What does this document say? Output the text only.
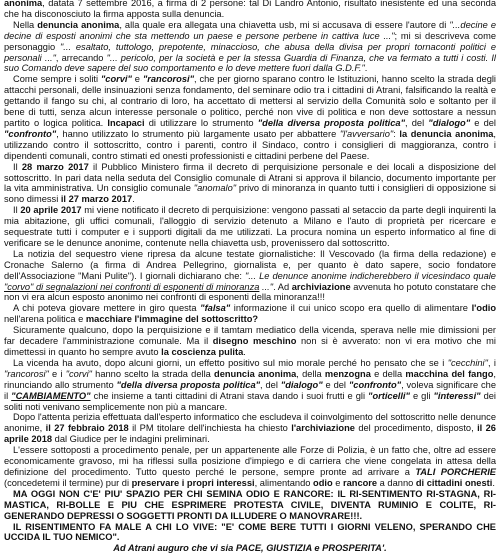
anonima, datata 7 settembre 2016, a firma di 2 persone: tal Di Landro Antonio, risultato inesistente ed una seconda che ha disconosciuto la firma apposta sulla denuncia.

Nella denuncia anonima, alla quale era allegata una chiavetta usb, mi si accusava di essere l'autore di "...decine e decine di esposti anonimi che sta mettendo un paese e persone perbene in cattiva luce ..."; mi si descriveva come personaggio "... esaltato, tuttologo, prepotente, minaccioso, che abusa della divisa per propri tornaconti politici e personali ...", arrecando "... pericolo, per la società e per la stessa Guardia di Finanza, che va fermato a tutti i costi. Il suo Comando deve sapere del suo comportamento e lo deve mettere fuori dalla G.D.F.".

Come sempre i soliti "corvi" e "rancorosi", che per giorno sparano contro le Istituzioni, hanno scelto la strada degli attacchi personali, delle insinuazioni senza fondamento, del seminare odio tra i cittadini di Atrani, falsificando la realtà e gettando il fango su chi, al contrario di loro, ha accettato di mettersi al servizio della Comunità solo e soltanto per il bene di tutti, senza alcun interesse personale o politico, perché non vive di politica e non deve sottostare a nessun partito o logica politica. Incapaci di utilizzare lo strumento "della diversa proposta politica", del "dialogo" e del "confronto", hanno utilizzato lo strumento più largamente usato per abbattere "l'avversario": la denuncia anonima, utilizzando contro il sottoscritto, contro i parenti, contro il Sindaco, contro i consiglieri di maggioranza, contro i dipendenti comunali, contro stimati ed onesti professionisti e cittadini perbene del Paese.

Il 28 marzo 2017 il Pubblico Ministero firma il decreto di perquisizione personale e dei locali a disposizione del sottoscritto. In pari data nella seduta del Consiglio comunale di Atrani si approva il bilancio, documento importante per la vita amministrativa. Un consiglio comunale "anomalo" privo di minoranza in quanto tutti i consiglieri di opposizione si sono dimessi il 27 marzo 2017.

Il 20 aprile 2017 mi viene notificato il decreto di perquisizione: vengono passati al setaccio da parte degli inquirenti la mia abitazione, gli uffici comunali, l'alloggio di servizio detenuto a Milano e l'auto di proprietà per ricercare e sequestrate tutti i computer e i supporti digitali da me utilizzati. La procura nomina un esperto informatico al fine di verificare se le denunce anonime, contenute nella chiavetta usb, provenissero dal sottoscritto.

La notizia del sequestro viene ripresa da alcune testate giornalistiche: Il Vescovado (la firma della redazione) e Cronache Salerno (a firma di Andrea Pellegrino, giornalista e, per quanto è dato sapere, socio fondatore dell'Associazione "Mani Pulite"). I giornali dichiarano che: "... Le denunce anonime indicherebbero il vicesindaco quale "corvo" di segnalazioni nei confronti di esponenti di minoranza ...". Ad archiviazione avvenuta ho potuto constatare che non vi era alcun esposto anonimo nei confronti di esponenti della minoranza!!!

A chi poteva giovare mettere in giro questa "falsa" informazione il cui unico scopo era quello di alimentare l'odio nell'arena politica e macchiare l'immagine del sottoscritto?

Sicuramente qualcuno, dopo la perquisizione e il tamtam mediatico della vicenda, sperava nelle mie dimissioni per far decadere l'amministrazione comunale. Ma il disegno meschino non si è avverato: non vi era motivo che mi dimettessi in quanto ho sempre avuto la coscienza pulita.

La vicenda ha avuto, dopo alcuni giorni, un effetto positivo sul mio morale perché ho pensato che se i "cecchini", i "rancorosi" e i "corvi" hanno scelto la strada della denuncia anonima, della menzogna e della macchina del fango, rinunciando allo strumento "della diversa proposta politica", del "dialogo" e del "confronto", voleva significare che il "CAMBIAMENTO" che insieme a tanti cittadini di Atrani stava dando i suoi frutti e gli "orticelli" e gli "interessi" dei soliti noti venivano semplicemente non più a mancare.

Dopo l'attenta perizia effettuata dall'esperto informatico che escludeva il coinvolgimento del sottoscritto nelle denunce anonime, il 27 febbraio 2018 il PM titolare dell'inchiesta ha chiesto l'archiviazione del procedimento, disposto, il 26 aprile 2018 dal Giudice per le indagini preliminari.

L'essere sottoposti a procedimento penale, per un appartenente alle Forze di Polizia, è un fatto che, oltre ad essere economicamente gravoso, mi ha riflessi sulla posizione d'impiego e di carriera che viene congelata in attesa della definizione del procedimento. Tutto questo perché le persone, sempre pronte ad arrivare a TALI PORCHERIE (concedetemi il termine) pur di preservare i propri interessi, alimentando odio e rancore a danno di cittadini onesti.

MA OGGI NON C'E' PIU' SPAZIO PER CHI SEMINA ODIO E RANCORE: IL RI-SENTIMENTO RI-STAGNA, RI-MASTICA, RI-BOLLE E PIU CHE ESPRIMERE PROTESTA CIVILE, DIVENTA RUMINIO E COLITE, RI-GENERANDO DEPRESSI O SOGGETTI PRONTI DA ILLUDERE O MANOVRARE!!!.

IL RISENTIMENTO FA MALE A CHI LO VIVE: "E' COME BERE TUTTI I GIORNI VELENO, SPERANDO CHE UCCIDA IL TUO NEMICO".

Ad Atrani auguro che vi sia PACE, GIUSTIZIA e PROSPERITA'.
